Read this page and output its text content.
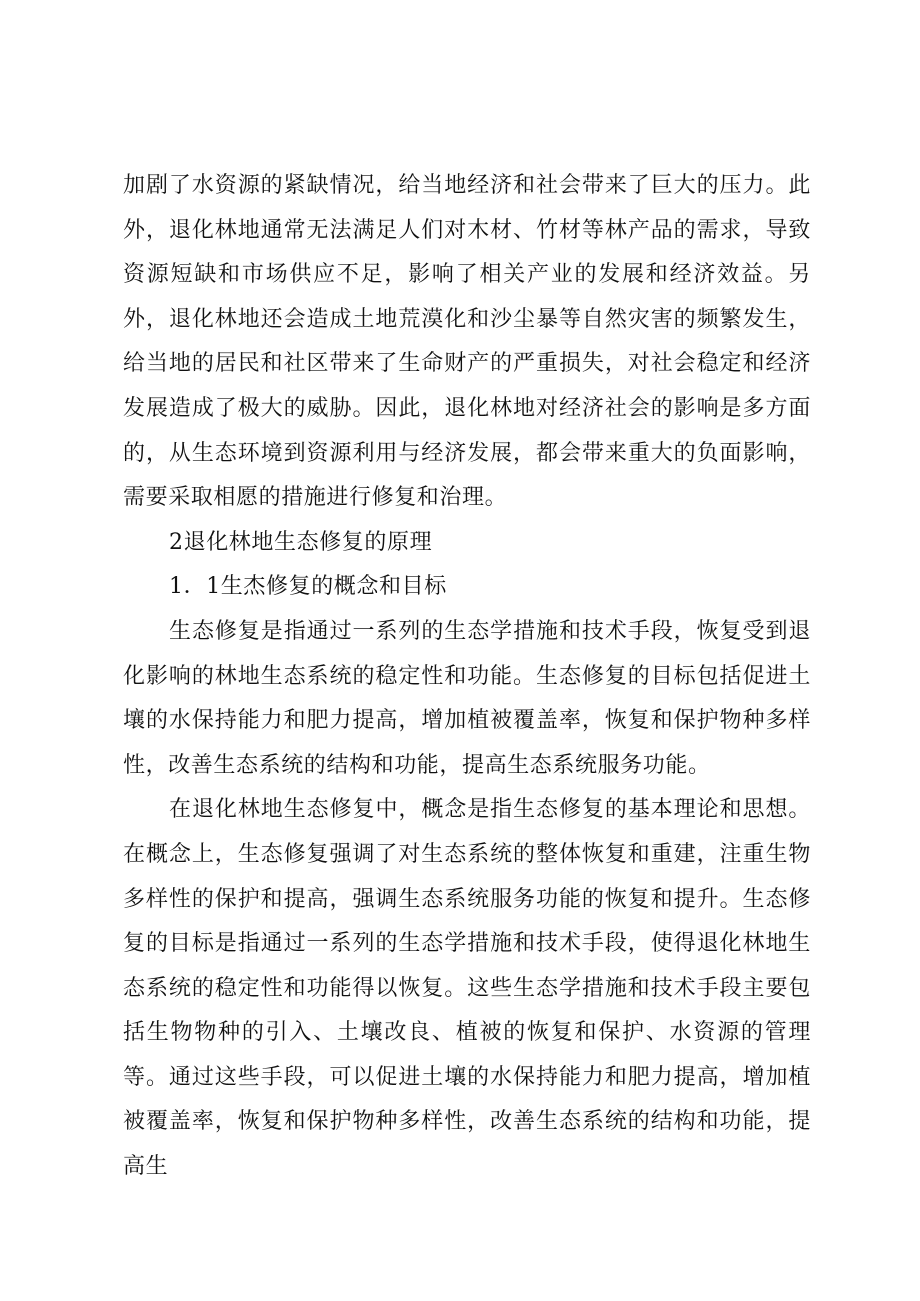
加剧了水资源的紧缺情况，给当地经济和社会带来了巨大的压力。此外，退化林地通常无法满足人们对木材、竹材等林产品的需求，导致资源短缺和市场供应不足，影响了相关产业的发展和经济效益。另外，退化林地还会造成土地荒漠化和沙尘暴等自然灾害的频繁发生，给当地的居民和社区带来了生命财产的严重损失，对社会稳定和经济发展造成了极大的威胁。因此，退化林地对经济社会的影响是多方面的，从生态环境到资源利用与经济发展，都会带来重大的负面影响，需要采取相愿的措施进行修复和治理。

2退化林地生态修复的原理

1．1生杰修复的概念和目标

生态修复是指通过一系列的生态学措施和技术手段，恢复受到退化影响的林地生态系统的稳定性和功能。生态修复的目标包括促进土壤的水保持能力和肥力提高，增加植被覆盖率，恢复和保护物种多样性，改善生态系统的结构和功能，提高生态系统服务功能。

在退化林地生态修复中，概念是指生态修复的基本理论和思想。在概念上，生态修复强调了对生态系统的整体恢复和重建，注重生物多样性的保护和提高，强调生态系统服务功能的恢复和提升。生态修复的目标是指通过一系列的生态学措施和技术手段，使得退化林地生态系统的稳定性和功能得以恢复。这些生态学措施和技术手段主要包括生物物种的引入、土壤改良、植被的恢复和保护、水资源的管理等。通过这些手段，可以促进土壤的水保持能力和肥力提高，增加植被覆盖率，恢复和保护物种多样性，改善生态系统的结构和功能，提高生
